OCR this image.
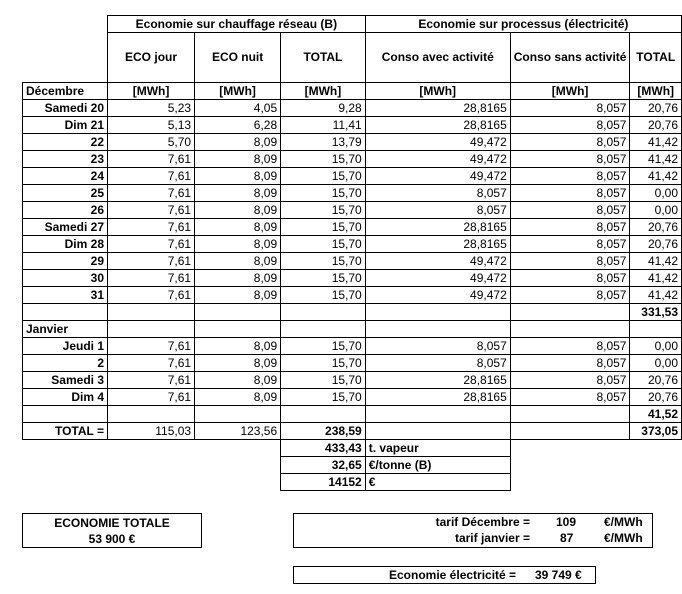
	Economie sur chauffage réseau (B)			Economie sur processus (électricité)		
	ECO jour	ECO nuit	TOTAL	Conso avec activité	Conso sans activité	TOTAL
Décembre	[MWh]	[MWh]	[MWh]	[MWh]	[MWh]	[MWh]
Samedi 20	5,23	4,05	9,28	28,8165	8,057	20,76
Dim 21	5,13	6,28	11,41	28,8165	8,057	20,76
22	5,70	8,09	13,79	49,472	8,057	41,42
23	7,61	8,09	15,70	49,472	8,057	41,42
24	7,61	8,09	15,70	49,472	8,057	41,42
25	7,61	8,09	15,70	8,057	8,057	0,00
26	7,61	8,09	15,70	8,057	8,057	0,00
Samedi 27	7,61	8,09	15,70	28,8165	8,057	20,76
Dim 28	7,61	8,09	15,70	28,8165	8,057	20,76
29	7,61	8,09	15,70	49,472	8,057	41,42
30	7,61	8,09	15,70	49,472	8,057	41,42
31	7,61	8,09	15,70	49,472	8,057	41,42
						331,53
Janvier						
Jeudi 1	7,61	8,09	15,70	8,057	8,057	0,00
2	7,61	8,09	15,70	8,057	8,057	0,00
Samedi 3	7,61	8,09	15,70	28,8165	8,057	20,76
Dim 4	7,61	8,09	15,70	28,8165	8,057	20,76
						41,52
TOTAL =	115,03	123,56	238,59			373,05
			433,43	t. vapeur		
			32,65	€/tonne (B)		
			14152	€		
ECONOMIE TOTALE
53 900 €
tarif Décembre = 109 €/MWh
tarif janvier =	87	€/MWh
Economie électricité = 39 749 €
